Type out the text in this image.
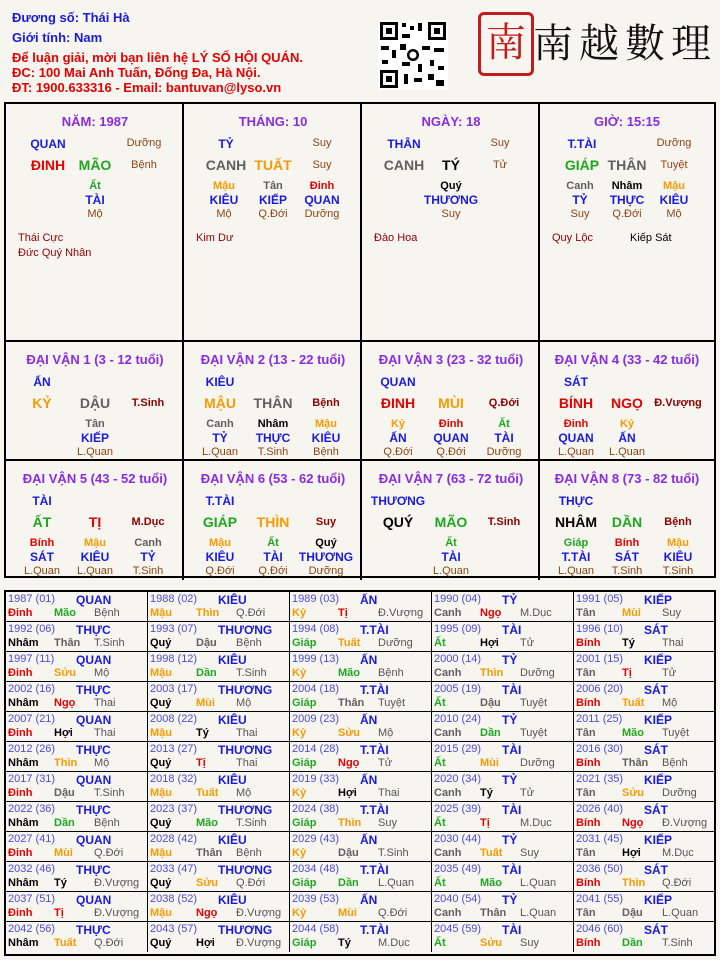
Đương số: Thái Hà
Giới tính: Nam
Để luận giải, mời bạn liên hệ LÝ SỐ HỘI QUÁN.
ĐC: 100 Mai Anh Tuấn, Đống Đa, Hà Nội.
ĐT: 1900.633316 - Email: bantuvan@lyso.vn
南 南越數理
NĂM: 1987
QUAN	Dưỡng
ĐINH MÃO Bệnh
Ất
TÀI
Mộ
Thái Cực
Đức Quý Nhân
THÁNG: 10
TỶ	Suy
CANH TUẤT Suy
Mậu
KIÊU
Mộ
Tân
KIẾP
Q.Đới
Đinh
QUAN
Dưỡng
Kim Dư
NGÀY: 18
THÂN	Suy
CANH TÝ	Tử
Quý
THƯƠNG
Suy
Đào Hoa
GIỜ: 15:15
T.TÀI	Dưỡng
GIÁP THÂN Tuyệt
Canh
TỶ
Suy
Nhâm
THỰC
Q.Đới
Mậu
KIÊU
Mộ
Quy Lộc	Kiếp Sát
ĐẠI VẬN 1 (3 - 12 tuổi)
ẤN
KỶ DẬU T.Sinh
Tân
KIẾP
L.Quan
ĐẠI VẬN 2 (13 - 22 tuổi)
KIÊU
MẬU THÂN Bệnh
Canh
TỶ
L.Quan
Nhâm
THỰC
T.Sinh
Mậu
KIÊU
Bệnh
ĐẠI VẬN 3 (23 - 32 tuổi)
QUAN
ĐINH MÙI Q.Đới
Kỷ
ẤN
Q.Đới
Đinh
QUAN
Q.Đới
Ất
TÀI
Dưỡng
ĐẠI VẬN 4 (33 - 42 tuổi)
SÁT
BÍNH NGỌ Đ.Vượng
Đinh
QUAN
L.Quan
Kỷ
ẤN
L.Quan
ĐẠI VẬN 5 (43 - 52 tuổi)
TÀI
ẤT	TỊ	M.Dục
Bính
SÁT
L.Quan
Mậu
KIÊU
L.Quan
Canh
TỶ
T.Sinh
ĐẠI VẬN 6 (53 - 62 tuổi)
T.TÀI
GIÁP THÌN Suy
Mậu
KIÊU
Q.Đới
Ất
TÀI
Q.Đới
Quý
THƯƠNG
Dưỡng
ĐẠI VẬN 7 (63 - 72 tuổi)
THƯƠNG
QUÝ MÃO T.Sinh
Ất
TÀI
L.Quan
ĐẠI VẬN 8 (73 - 82 tuổi)
THỰC
NHÂM DẦN Bệnh
Giáp
T.TÀI
L.Quan
Bính
SÁT
T.Sinh
Mậu
KIÊU
T.Sinh
1987 (01) QUAN
Đinh Mão Bệnh
1988 (02) KIÊU
Mậu Thìn Q.Đới
1989 (03) ẤN
Kỷ	Tị	Đ.Vượng
1990 (04) TỶ
Canh Ngọ M.Dục
1991 (05) KIẾP
Tân Mùi Suy
1992 (06) THỰC
Nhâm Thân T.Sinh
1993 (07) THƯƠNG
Quý Dậu Bệnh
1994 (08) T.TÀI
Giáp Tuất Dưỡng
1995 (09) TÀI
Ất	Hợi Tử
1996 (10) SÁT
Bính Tý Thai
1997 (11) QUAN
Đinh Sửu Mộ
1998 (12) KIÊU
Mậu Dần T.Sinh
1999 (13) ẤN
Kỷ	Mão Bệnh
2000 (14) TỶ
Canh Thìn Dưỡng
2001 (15) KIẾP
Tân Tị	Tử
2002 (16) THỰC
Nhâm Ngọ Thai
2003 (17) THƯƠNG
Quý Mùi Mộ
2004 (18) T.TÀI
Giáp Thân Tuyệt
2005 (19) TÀI
Ất	Dậu Tuyệt
2006 (20) SÁT
Bính Tuất Mộ
2007 (21) QUAN
Đinh Hợi Thai
2008 (22) KIÊU
Mậu Tý Thai
2009 (23) ẤN
Kỷ	Sửu Mộ
2010 (24) TỶ
Canh Dần Tuyệt
2011 (25) KIẾP
Tân Mão Tuyệt
2012 (26) THỰC
Nhâm Thìn Mộ
2013 (27) THƯƠNG
Quý Tị	Thai
2014 (28) T.TÀI
Giáp Ngọ Tử
2015 (29) TÀI
Ất	Mùi Dưỡng
2016 (30) SÁT
Bính Thân Bệnh
2017 (31) QUAN
Đinh Dậu T.Sinh
2018 (32) KIÊU
Mậu Tuất Mộ
2019 (33) ẤN
Kỷ	Hợi Thai
2020 (34) TỶ
Canh Tý Tử
2021 (35) KIẾP
Tân Sửu Dưỡng
2022 (36) THỰC
Nhâm Dần Bệnh
2023 (37) THƯƠNG
Quý Mão T.Sinh
2024 (38) T.TÀI
Giáp Thìn Suy
2025 (39) TÀI
Ất	Tị	M.Dục
2026 (40) SÁT
Bính Ngọ Đ.Vượng
2027 (41) QUAN
Đinh Mùi Q.Đới
2028 (42) KIÊU
Mậu Thân Bệnh
2029 (43) ẤN
Kỷ	Dậu T.Sinh
2030 (44) TỶ
Canh Tuất Suy
2031 (45) KIẾP
Tân Hợi M.Dục
2032 (46) THỰC
Nhâm Tý Đ.Vượng
2033 (47) THƯƠNG
Quý Sửu Q.Đới
2034 (48) T.TÀI
Giáp Dần L.Quan
2035 (49) TÀI
Ất	Mão L.Quan
2036 (50) SÁT
Bính Thìn Q.Đới
2037 (51) QUAN
Đinh Tị	Đ.Vượng
2038 (52) KIÊU
Mậu Ngọ Đ.Vượng
2039 (53) ẤN
Kỷ	Mùi Q.Đới
2040 (54) TỶ
Canh Thân L.Quan
2041 (55) KIẾP
Tân Dậu L.Quan
2042 (56) THỰC
Nhâm Tuất Q.Đới
2043 (57) THƯƠNG
Quý Hợi Đ.Vượng
2044 (58) T.TÀI
Giáp Tý M.Dục
2045 (59) TÀI
Ất	Sửu Suy
2046 (60) SÁT
Bính Dần T.Sinh
